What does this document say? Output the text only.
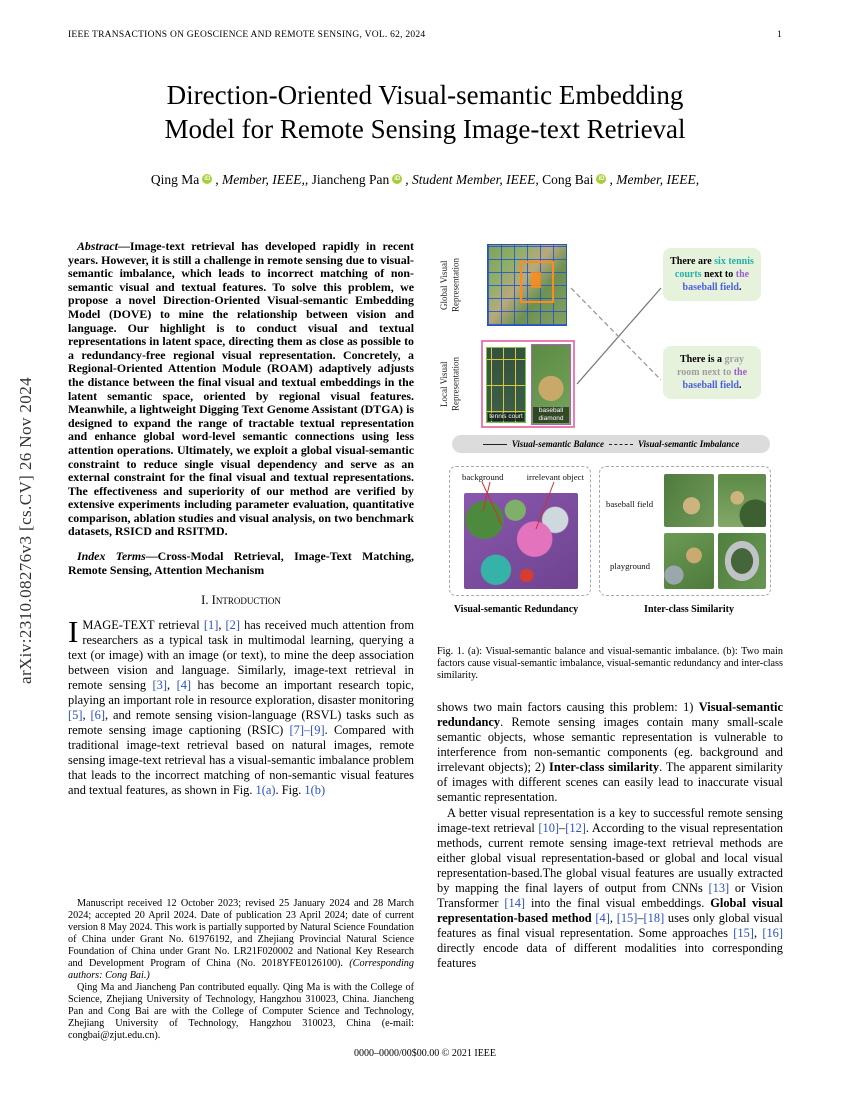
IEEE TRANSACTIONS ON GEOSCIENCE AND REMOTE SENSING, VOL. 62, 2024	1
arXiv:2310.08276v3 [cs.CV] 26 Nov 2024
Direction-Oriented Visual-semantic Embedding
Model for Remote Sensing Image-text Retrieval
Qing Ma iD , Member, IEEE,, Jiancheng Pan iD , Student Member, IEEE, Cong Bai iD , Member, IEEE,

Abstract—Image-text retrieval has developed rapidly in recent years. However, it is still a challenge in remote sensing due to visual-semantic imbalance, which leads to incorrect matching of non-semantic visual and textual features. To solve this problem, we propose a novel Direction-Oriented Visual-semantic Embedding Model (DOVE) to mine the relationship between vision and language. Our highlight is to conduct visual and textual representations in latent space, directing them as close as possible to a redundancy-free regional visual representation. Concretely, a Regional-Oriented Attention Module (ROAM) adaptively adjusts the distance between the final visual and textual embeddings in the latent semantic space, oriented by regional visual features. Meanwhile, a lightweight Digging Text Genome Assistant (DTGA) is designed to expand the range of tractable textual representation and enhance global word-level semantic connections using less attention operations. Ultimately, we exploit a global visual-semantic constraint to reduce single visual dependency and serve as an external constraint for the final visual and textual representations. The effectiveness and superiority of our method are verified by extensive experiments including parameter evaluation, quantitative comparison, ablation studies and visual analysis, on two benchmark datasets, RSICD and RSITMD.

Index Terms—Cross-Modal Retrieval, Image-Text Matching, Remote Sensing, Attention Mechanism

I. Introduction

IMAGE-TEXT retrieval [1], [2] has received much attention from researchers as a typical task in multimodal learning, querying a text (or image) with an image (or text), to mine the deep association between vision and language. Similarly, image-text retrieval in remote sensing [3], [4] has become an important research topic, playing an important role in resource exploration, disaster monitoring [5], [6], and remote sensing vision-language (RSVL) tasks such as remote sensing image captioning (RSIC) [7]–[9]. Compared with traditional image-text retrieval based on natural images, remote sensing image-text retrieval has a visual-semantic imbalance problem that leads to the incorrect matching of non-semantic visual features and textual features, as shown in Fig. 1(a). Fig. 1(b)

Manuscript received 12 October 2023; revised 25 January 2024 and 28 March 2024; accepted 20 April 2024. Date of publication 23 April 2024; date of current version 8 May 2024. This work is partially supported by Natural Science Foundation of China under Grant No. 61976192, and Zhejiang Provincial Natural Science Foundation of China under Grant No. LR21F020002 and National Key Research and Development Program of China (No. 2018YFE0126100). (Corresponding authors: Cong Bai.)

Qing Ma and Jiancheng Pan contributed equally. Qing Ma is with the College of Science, Zhejiang University of Technology, Hangzhou 310023, China. Jiancheng Pan and Cong Bai are with the College of Computer Science and Technology, Zhejiang University of Technology, Hangzhou 310023, China (e-mail: congbai@zjut.edu.cn).

Global Visual Representation
Local Visual Representation
tennis court
baseball diamond
There are six tennis courts next to the baseball field.
There is a gray room next to the baseball field.
Visual-semantic Balance	Visual-semantic Imbalance
background	irrelevant object
baseball field
playground
Visual-semantic Redundancy	Inter-class Similarity

Fig. 1. (a): Visual-semantic balance and visual-semantic imbalance. (b): Two main factors cause visual-semantic imbalance, visual-semantic redundancy and inter-class similarity.

shows two main factors causing this problem: 1) Visual-semantic redundancy. Remote sensing images contain many small-scale semantic objects, whose semantic representation is vulnerable to interference from non-semantic components (eg. background and irrelevant objects); 2) Inter-class similarity. The apparent similarity of images with different scenes can easily lead to inaccurate visual semantic representation.

A better visual representation is a key to successful remote sensing image-text retrieval [10]–[12]. According to the visual representation methods, current remote sensing image-text retrieval methods are either global visual representation-based or global and local visual representation-based.The global visual features are usually extracted by mapping the final layers of output from CNNs [13] or Vision Transformer [14] into the final visual embeddings. Global visual representation-based method [4], [15]–[18] uses only global visual features as final visual representation. Some approaches [15], [16] directly encode data of different modalities into corresponding features

0000–0000/00$00.00 © 2021 IEEE
